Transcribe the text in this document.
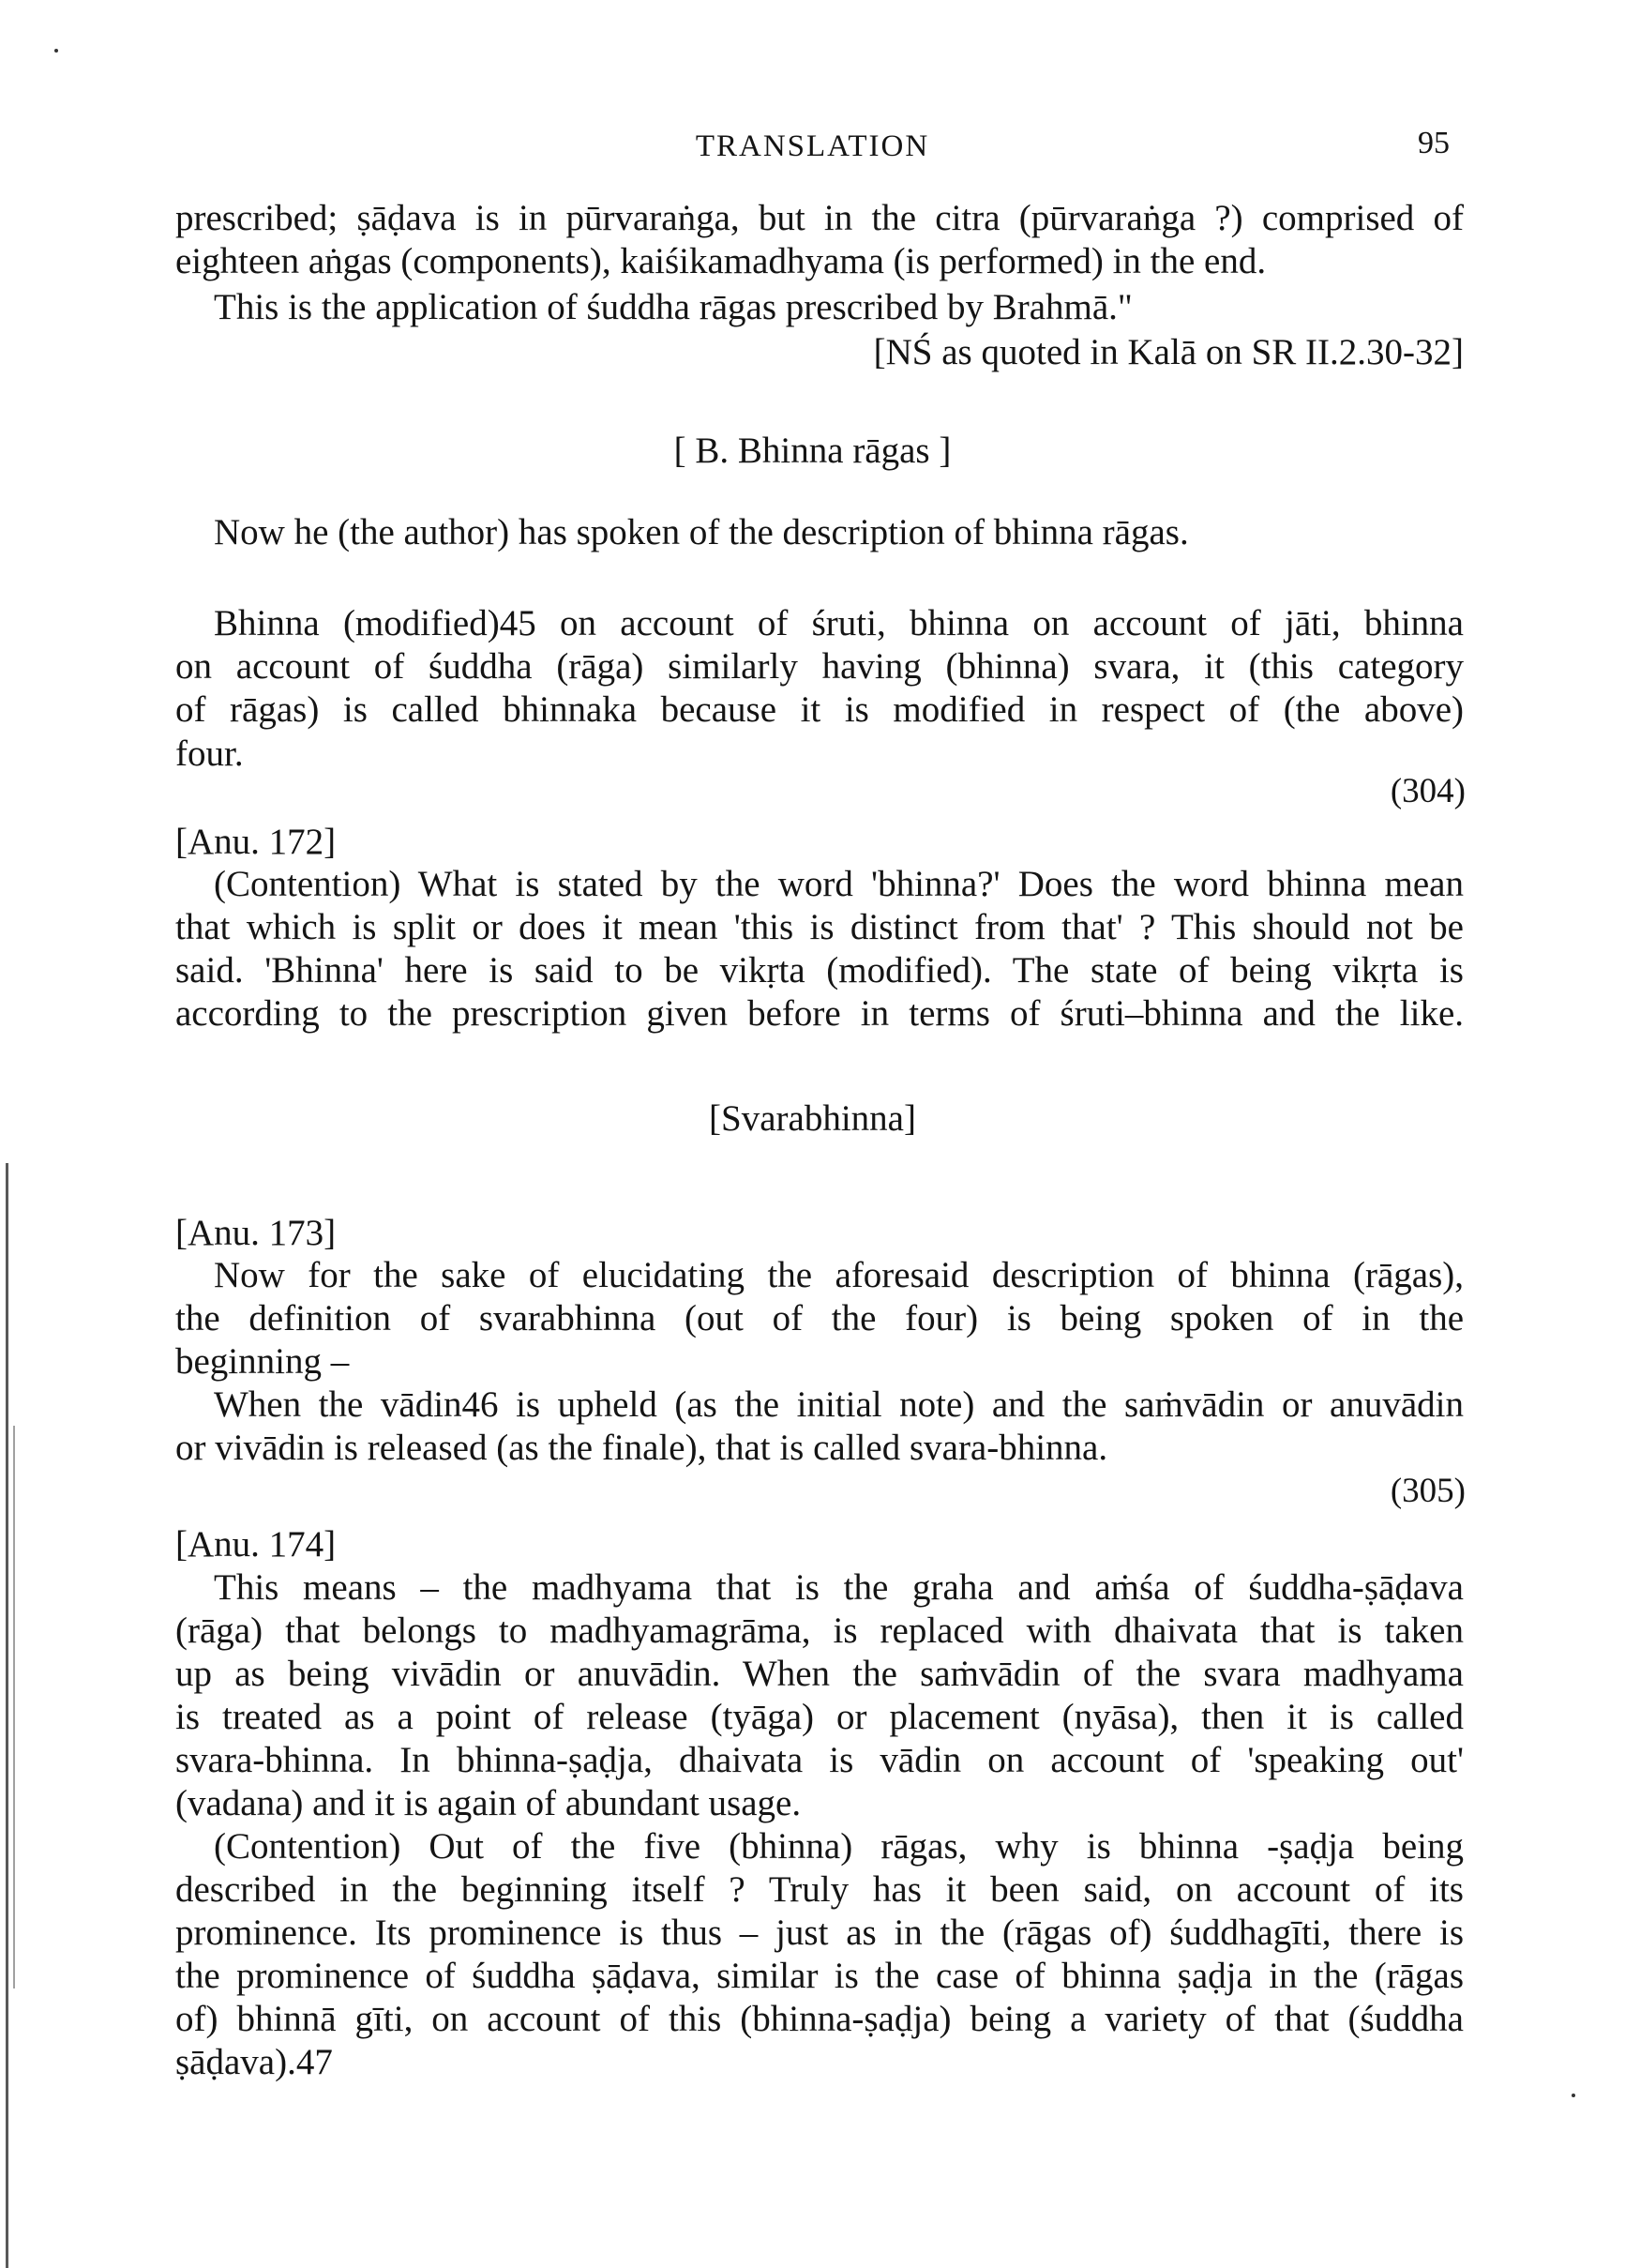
TRANSLATION	95
prescribed; ṣāḍava is in pūrvaraṅga, but in the citra (pūrvaraṅga ?) comprised of
eighteen aṅgas (components), kaiśikamadhyama (is performed) in the end.
This is the application of śuddha rāgas prescribed by Brahmā."
[NŚ as quoted in Kalā on SR II.2.30-32]
[ B. Bhinna rāgas ]
Now he (the author) has spoken of the description of bhinna rāgas.
Bhinna (modified)45 on account of śruti, bhinna on account of jāti, bhinna
on account of śuddha (rāga) similarly having (bhinna) svara, it (this category
of rāgas) is called bhinnaka because it is modified in respect of (the above)
four.
(304)
[Anu. 172]
(Contention) What is stated by the word 'bhinna?' Does the word bhinna mean
that which is split or does it mean 'this is distinct from that' ? This should not be
said. 'Bhinna' here is said to be vikṛta (modified). The state of being vikṛta is
according to the prescription given before in terms of śruti–bhinna and the like.
[Svarabhinna]
[Anu. 173]
Now for the sake of elucidating the aforesaid description of bhinna (rāgas),
the definition of svarabhinna (out of the four) is being spoken of in the
beginning –
When the vādin46 is upheld (as the initial note) and the saṁvādin or anuvādin
or vivādin is released (as the finale), that is called svara-bhinna.
(305)
[Anu. 174]
This means – the madhyama that is the graha and aṁśa of śuddha-ṣāḍava
(rāga) that belongs to madhyamagrāma, is replaced with dhaivata that is taken
up as being vivādin or anuvādin. When the saṁvādin of the svara madhyama
is treated as a point of release (tyāga) or placement (nyāsa), then it is called
svara-bhinna. In bhinna-ṣaḍja, dhaivata is vādin on account of 'speaking out'
(vadana) and it is again of abundant usage.
(Contention) Out of the five (bhinna) rāgas, why is bhinna -ṣaḍja being
described in the beginning itself ? Truly has it been said, on account of its
prominence. Its prominence is thus – just as in the (rāgas of) śuddhagīti, there is
the prominence of śuddha ṣāḍava, similar is the case of bhinna ṣaḍja in the (rāgas
of) bhinnā gīti, on account of this (bhinna-ṣaḍja) being a variety of that (śuddha
ṣāḍava).47
